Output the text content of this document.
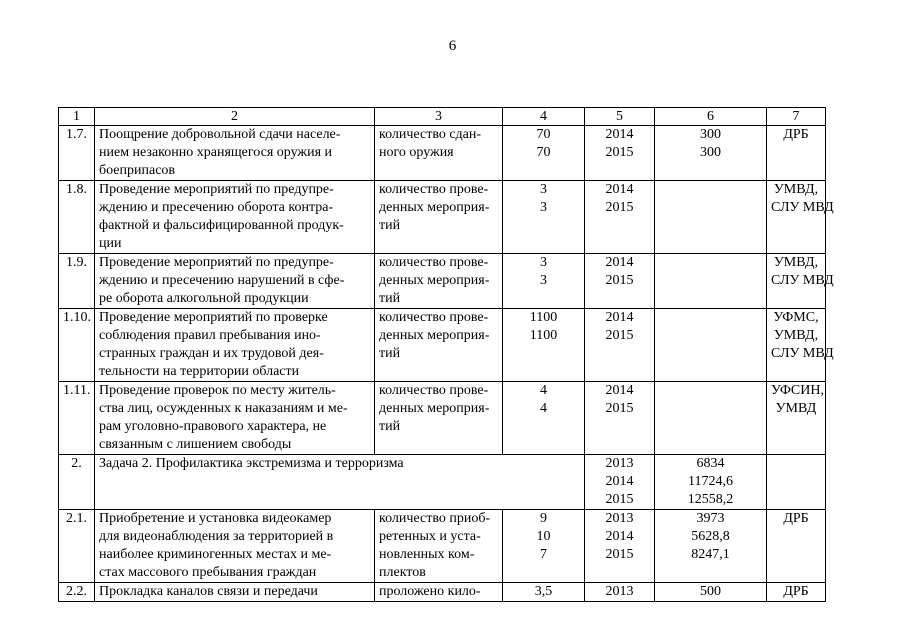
6
1	2	3	4	5	6	7
1.7.	Поощрение добровольной сдачи населе-
нием незаконно хранящегося оружия и
боеприпасов	количество сдан-
ного оружия	70
70	2014
2015	300
300	ДРБ

1.8.	Проведение мероприятий по предупре-
ждению и пресечению оборота контра-
фактной и фальсифицированной продук-
ции	количество прове-
денных мероприя-
тий	3
3	2014
2015		УМВД,
СЛУ МВД

1.9.	Проведение мероприятий по предупре-
ждению и пресечению нарушений в сфе-
ре оборота алкогольной продукции	количество прове-
денных мероприя-
тий	3
3	2014
2015		УМВД,
СЛУ МВД

1.10.	Проведение мероприятий по проверке
соблюдения правил пребывания ино-
странных граждан и их трудовой дея-
тельности на территории области	количество прове-
денных мероприя-
тий	1100
1100	2014
2015		УФМС,
УМВД,
СЛУ МВД

1.11.	Проведение проверок по месту житель-
ства лиц, осужденных к наказаниям и ме-
рам уголовно-правового характера, не
связанным с лишением свободы	количество прове-
денных мероприя-
тий	4
4	2014
2015		УФСИН,
УМВД

2.	Задача 2. Профилактика экстремизма и терроризма			2013
2014
2015	6834
11724,6
12558,2	

2.1.	Приобретение и установка видеокамер
для видеонаблюдения за территорией в
наиболее криминогенных местах и ме-
стах массового пребывания граждан	количество приоб-
ретенных и уста-
новленных ком-
плектов	9
10
7	2013
2014
2015	3973
5628,8
8247,1	ДРБ

2.2.	Прокладка каналов связи и передачи	проложено кило-	3,5	2013	500	ДРБ
